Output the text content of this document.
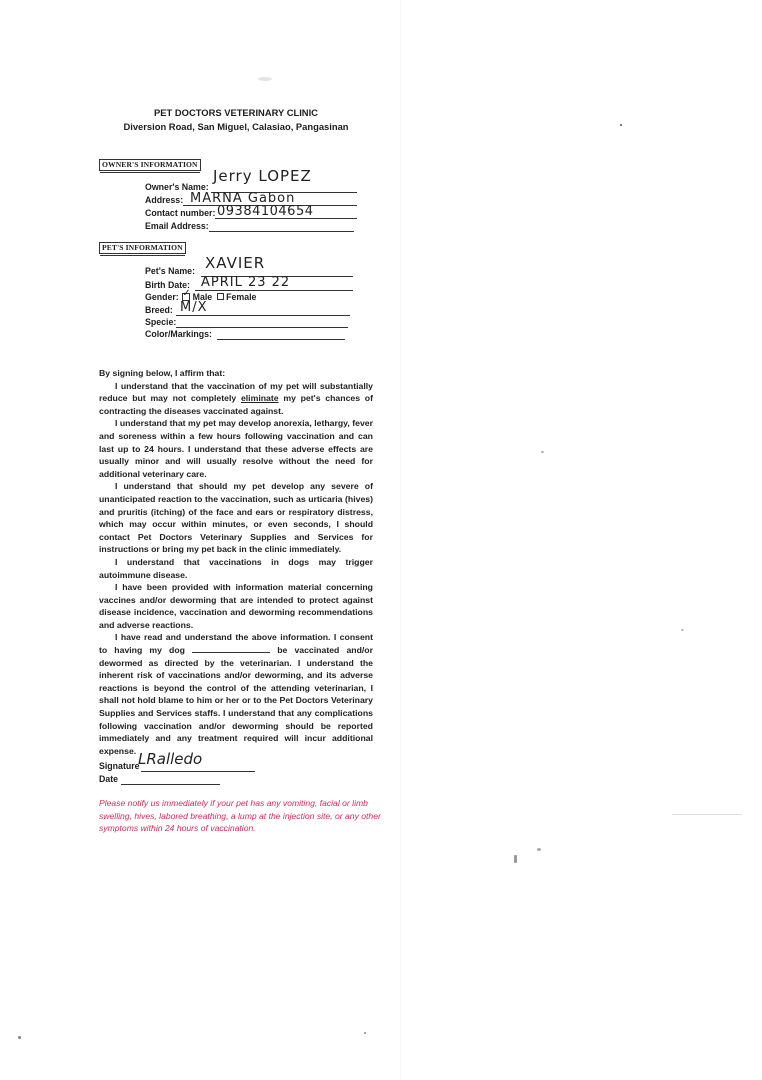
PET DOCTORS VETERINARY CLINIC
Diversion Road, San Miguel, Calasiao, Pangasinan
OWNER'S INFORMATION
Owner's Name:
Jerry LOPEZ
Address: MARNA Gabon
Contact number: 09384104654
Email Address:
PET'S INFORMATION
Pet's Name: XAVIER
Birth Date: APRIL 23 22
Gender: ✓ Male Female
Breed: M/X
Specie:
Color/Markings:

By signing below, I affirm that:

I understand that the vaccination of my pet will substantially reduce but may not completely eliminate my pet's chances of contracting the diseases vaccinated against.

I understand that my pet may develop anorexia, lethargy, fever and soreness within a few hours following vaccination and can last up to 24 hours. I understand that these adverse effects are usually minor and will usually resolve without the need for additional veterinary care.

I understand that should my pet develop any severe of unanticipated reaction to the vaccination, such as urticaria (hives) and pruritis (itching) of the face and ears or respiratory distress, which may occur within minutes, or even seconds, I should contact Pet Doctors Veterinary Supplies and Services for instructions or bring my pet back in the clinic immediately.

I understand that vaccinations in dogs may trigger autoimmune disease.

I have been provided with information material concerning vaccines and/or deworming that are intended to protect against disease incidence, vaccination and deworming recommendations and adverse reactions.

I have read and understand the above information. I consent to having my dog	be vaccinated and/or dewormed as directed by the veterinarian. I understand the inherent risk of vaccinations and/or deworming, and its adverse reactions is beyond the control of the attending veterinarian, I shall not hold blame to him or her or to the Pet Doctors Veterinary Supplies and Services staffs. I understand that any complications following vaccination and/or deworming should be reported immediately and any treatment required will incur additional expense.

Signature
LRalledo
Date
Please notify us immediately if your pet has any vomiting, facial or limb swelling, hives, labored breathing, a lump at the injection site, or any other symptoms within 24 hours of vaccination.
